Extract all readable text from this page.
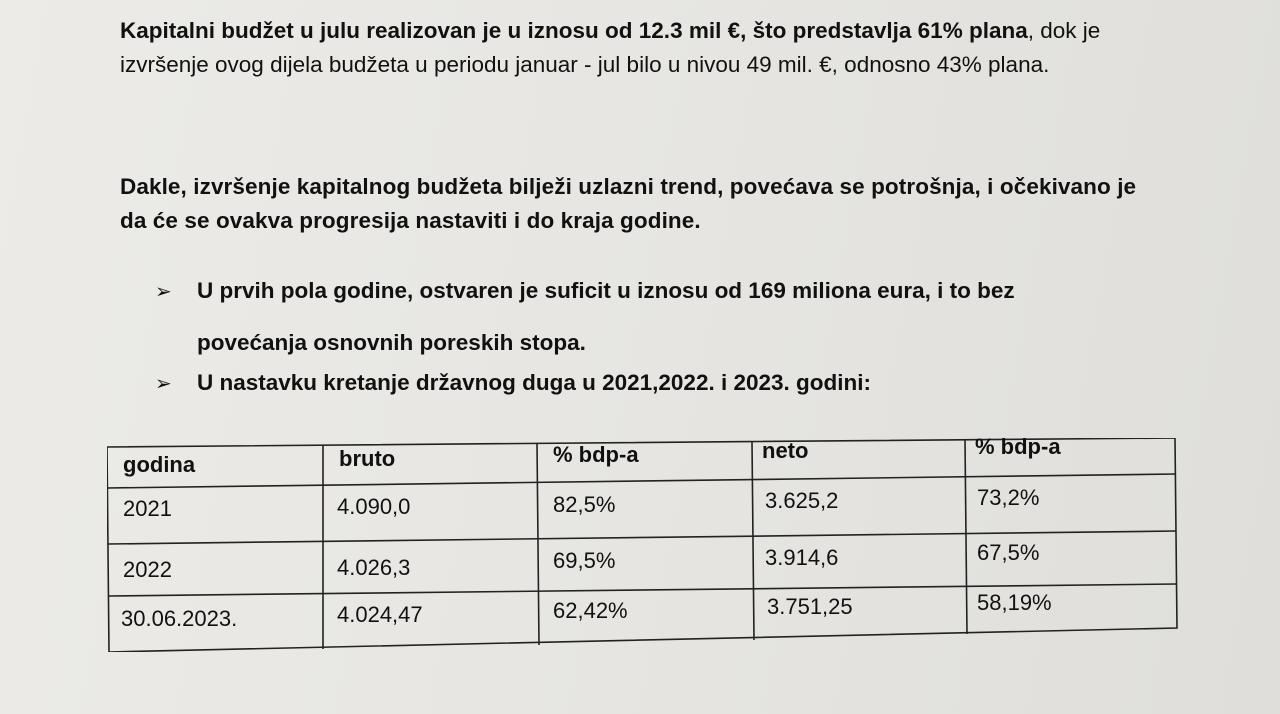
Kapitalni budžet u julu realizovan je u iznosu od 12.3 mil €, što predstavlja 61% plana, dok je izvršenje ovog dijela budžeta u periodu januar - jul bilo u nivou 49 mil. €, odnosno 43% plana.

Dakle, izvršenje kapitalnog budžeta bilježi uzlazni trend, povećava se potrošnja, i očekivano je da će se ovakva progresija nastaviti i do kraja godine.

➢ U prvih pola godine, ostvaren je suficit u iznosu od 169 miliona eura, i to bez
povećanja osnovnih poreskih stopa.
➢ U nastavku kretanje državnog duga u 2021,2022. i 2023. godini:
godina	bruto	% bdp-a	neto	% bdp-a
2021	4.090,0	82,5%	3.625,2	73,2%
2022	4.026,3	69,5%	3.914,6	67,5%
30.06.2023.	4.024,47	62,42%	3.751,25	58,19%
